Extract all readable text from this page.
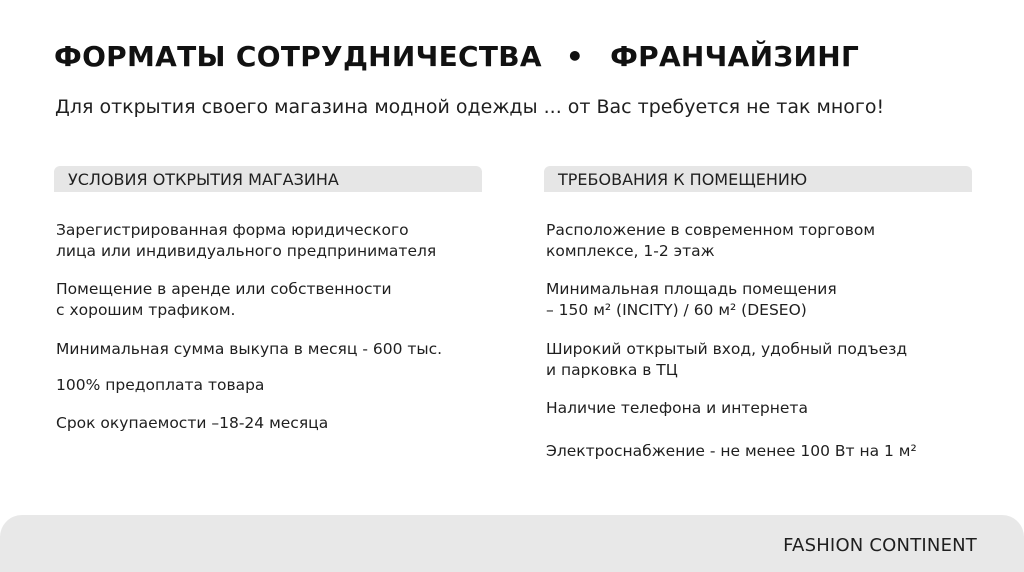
ФОРМАТЫ СОТРУДНИЧЕСТВА • ФРАНЧАЙЗИНГ
Для открытия своего магазина модной одежды ... от Вас требуется не так много!
УСЛОВИЯ ОТКРЫТИЯ МАГАЗИНА
Зарегистрированная форма юридического
лица или индивидуального предпринимателя
Помещение в аренде или собственности
с хорошим трафиком.
Минимальная сумма выкупа в месяц - 600 тыс.
100% предоплата товара
Срок окупаемости –18-24 месяца
ТРЕБОВАНИЯ К ПОМЕЩЕНИЮ
Расположение в современном торговом
комплексе, 1-2 этаж
Минимальная площадь помещения
– 150 м² (INCITY) / 60 м² (DESEO)
Широкий открытый вход, удобный подъезд
и парковка в ТЦ
Наличие телефона и интернета
Электроснабжение - не менее 100 Вт на 1 м²
FASHION CONTINENT
